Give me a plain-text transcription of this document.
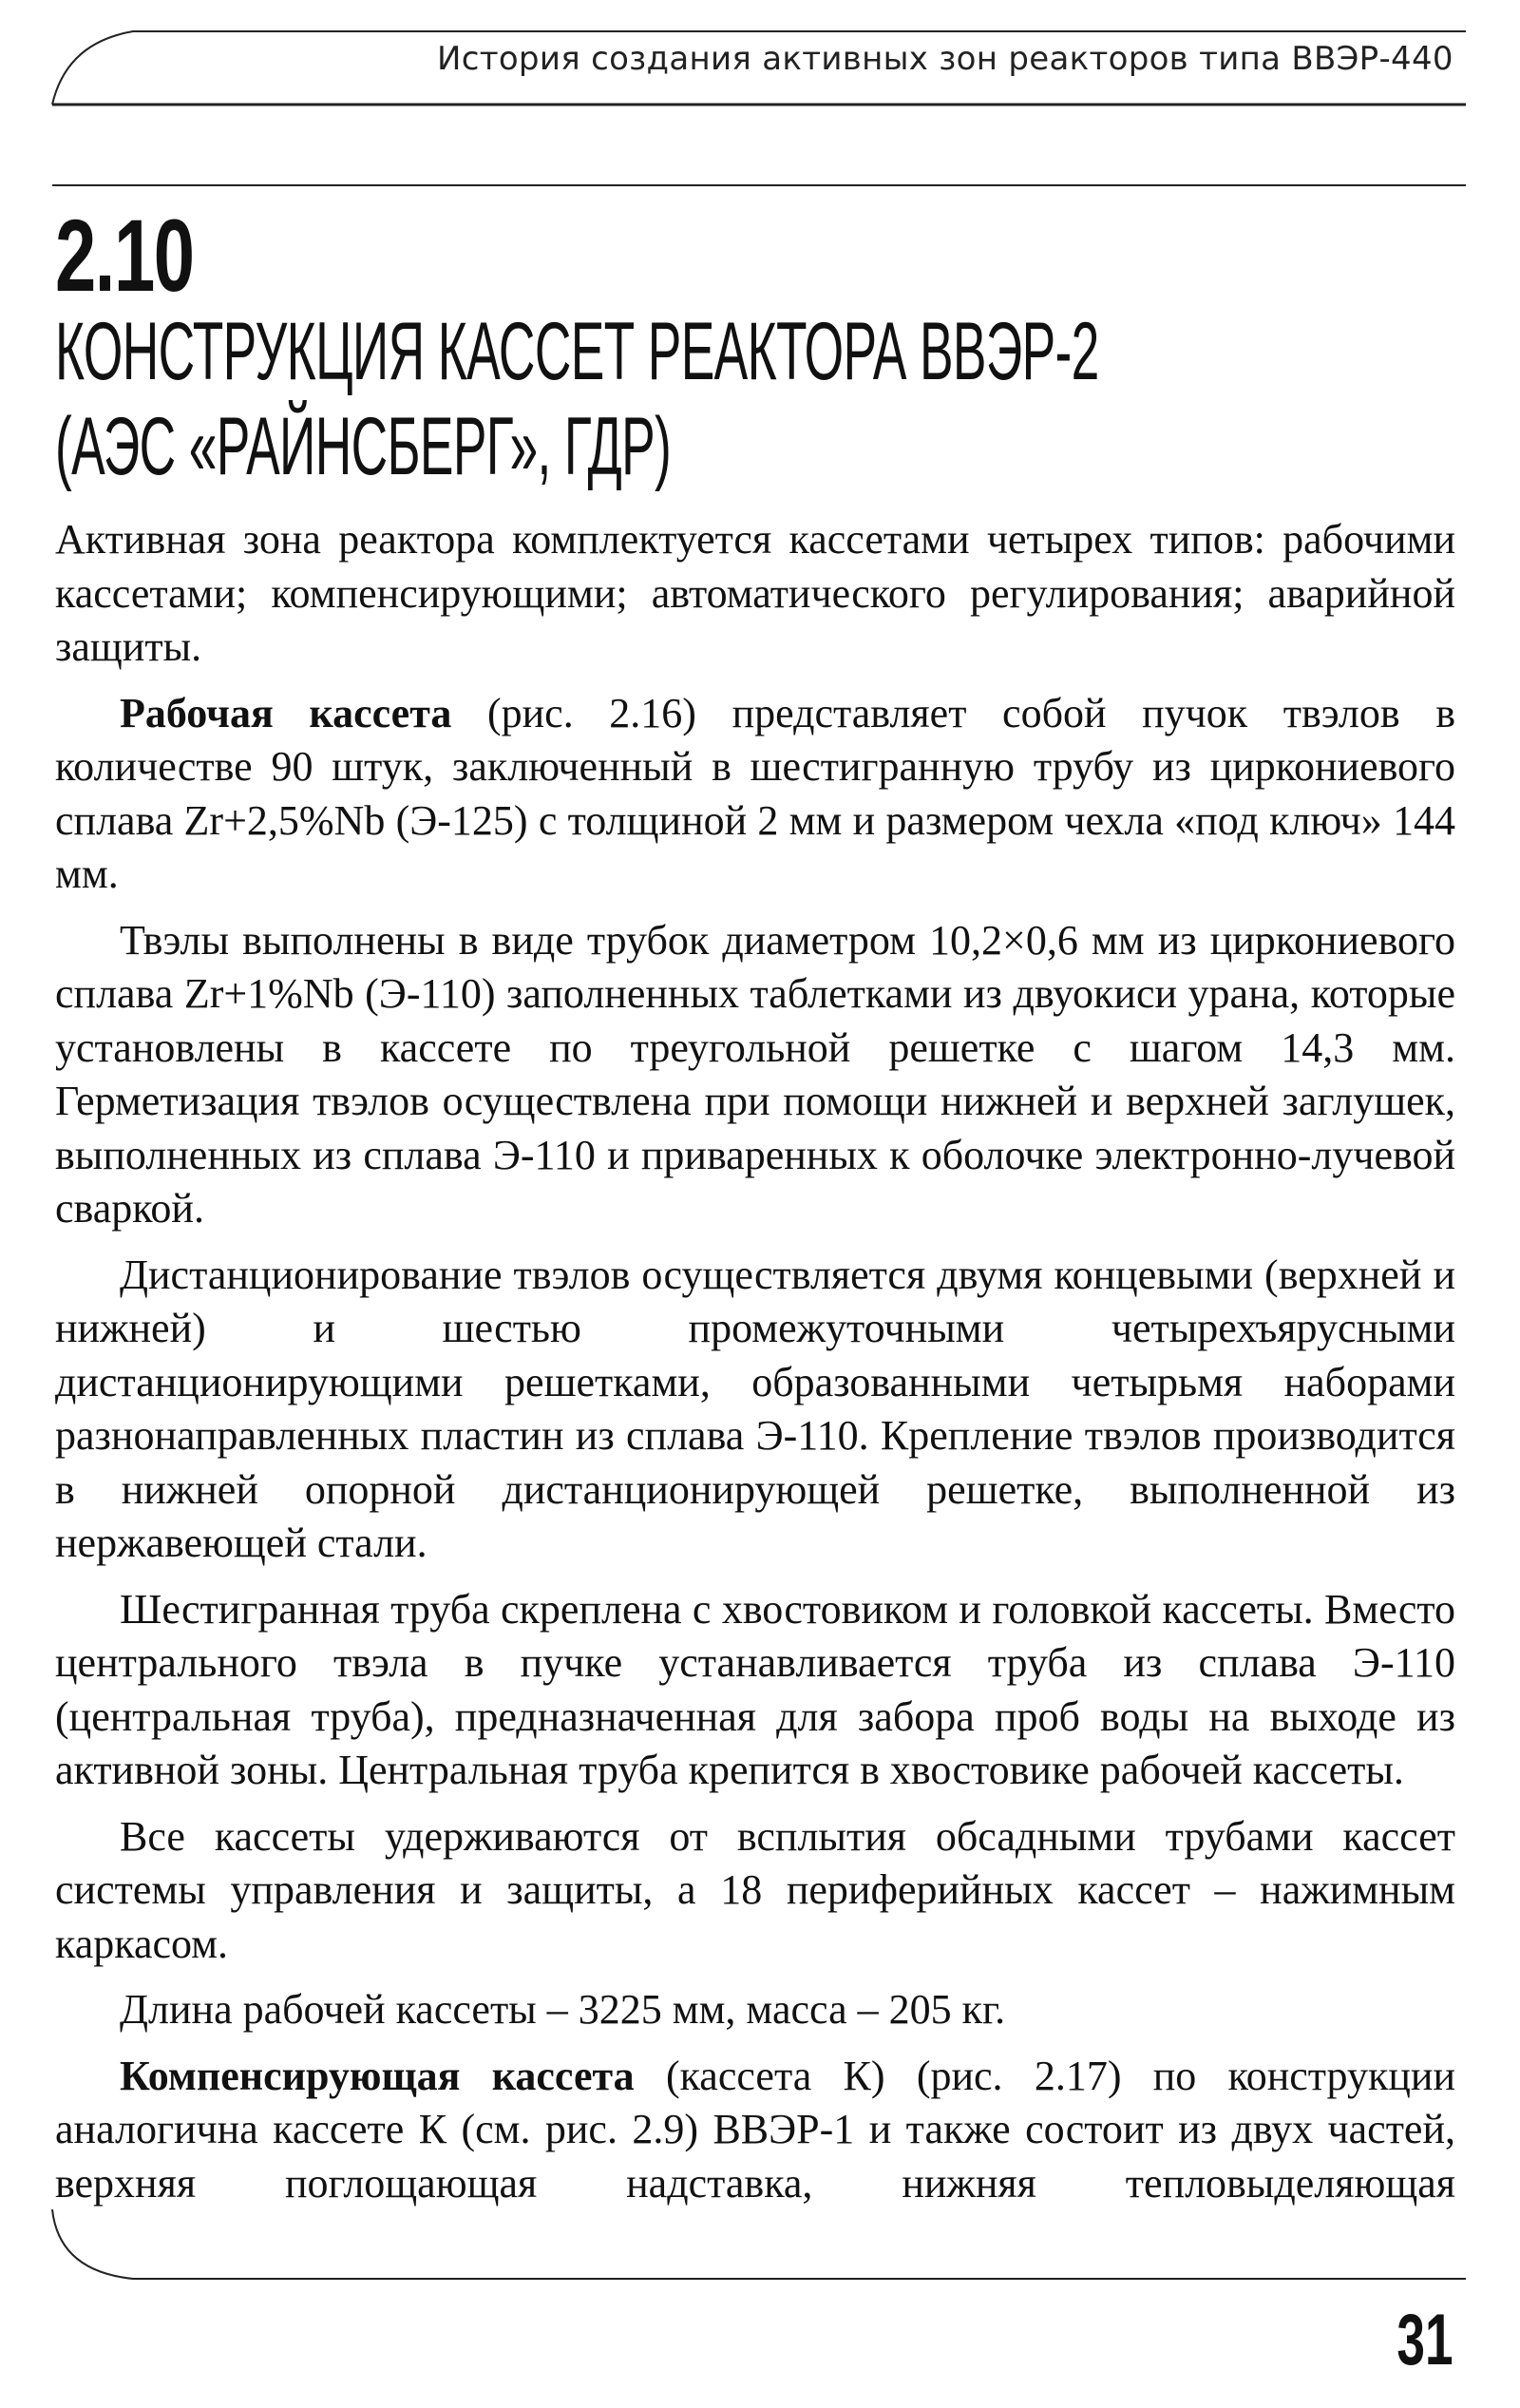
История создания активных зон реакторов типа ВВЭР-440
2.10
КОНСТРУКЦИЯ КАССЕТ РЕАКТОРА ВВЭР-2
(АЭС «РАЙНСБЕРГ», ГДР)

Активная зона реактора комплектуется кассетами четырех типов: рабочими кассетами; компенсирующими; автоматического регулирования; аварийной защиты.

Рабочая кассета (рис. 2.16) представляет собой пучок твэлов в количестве 90 штук, заключенный в шестигранную трубу из циркониевого сплава Zr+2,5%Nb (Э-125) с толщиной 2 мм и размером чехла «под ключ» 144 мм.

Твэлы выполнены в виде трубок диаметром 10,2×0,6 мм из циркониевого сплава Zr+1%Nb (Э-110) заполненных таблетками из двуокиси урана, которые установлены в кассете по треугольной решетке с шагом 14,3 мм. Герметизация твэлов осуществлена при помощи нижней и верхней заглушек, выполненных из сплава Э-110 и приваренных к оболочке электронно-лучевой сваркой.

Дистанционирование твэлов осуществляется двумя концевыми (верхней и нижней) и шестью промежуточными четырехъярусными дистанционирующими решетками, образованными четырьмя наборами разнонаправленных пластин из сплава Э-110. Крепление твэлов производится в нижней опорной дистанционирующей решетке, выполненной из нержавеющей стали.

Шестигранная труба скреплена с хвостовиком и головкой кассеты. Вместо центрального твэла в пучке устанавливается труба из сплава Э-110 (центральная труба), предназначенная для забора проб воды на выходе из активной зоны. Центральная труба крепится в хвостовике рабочей кассеты.

Все кассеты удерживаются от всплытия обсадными трубами кассет системы управления и защиты, а 18 периферийных кассет – нажимным каркасом.

Длина рабочей кассеты – 3225 мм, масса – 205 кг.

Компенсирующая кассета (кассета К) (рис. 2.17) по конструкции аналогична кассете К (см. рис. 2.9) ВВЭР-1 и также состоит из двух частей, верхняя поглощающая надставка, нижняя тепловыделяющая

31
